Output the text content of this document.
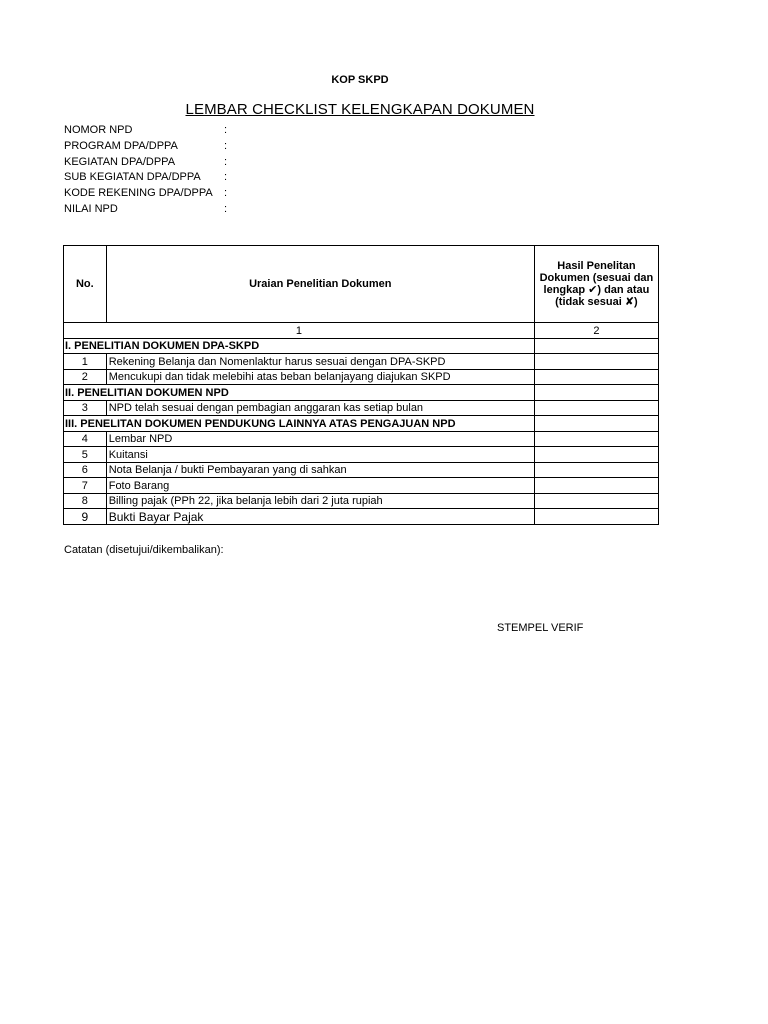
KOP SKPD
LEMBAR CHECKLIST KELENGKAPAN DOKUMEN
NOMOR NPD	:
PROGRAM DPA/DPPA	:
KEGIATAN DPA/DPPA	:
SUB KEGIATAN DPA/DPPA :
KODE REKENING DPA/DPPA :
NILAI NPD	:
No.	Uraian Penelitian Dokumen	Hasil Penelitan Dokumen (sesuai dan lengkap ✔) dan atau (tidak sesuai ✘)
1		2
I. PENELITIAN DOKUMEN DPA-SKPD		
1	Rekening Belanja dan Nomenlaktur harus sesuai dengan DPA-SKPD	
2	Mencukupi dan tidak melebihi atas beban belanjayang diajukan SKPD	
II. PENELITIAN DOKUMEN NPD		
3	NPD telah sesuai dengan pembagian anggaran kas setiap bulan	
III. PENELITAN DOKUMEN PENDUKUNG LAINNYA ATAS PENGAJUAN NPD		
4	Lembar NPD	
5	Kuitansi	
6	Nota Belanja / bukti Pembayaran yang di sahkan	
7	Foto Barang	
8	Billing pajak (PPh 22, jika belanja lebih dari 2 juta rupiah	
9	Bukti Bayar Pajak	
Catatan (disetujui/dikembalikan):
STEMPEL VERIF
